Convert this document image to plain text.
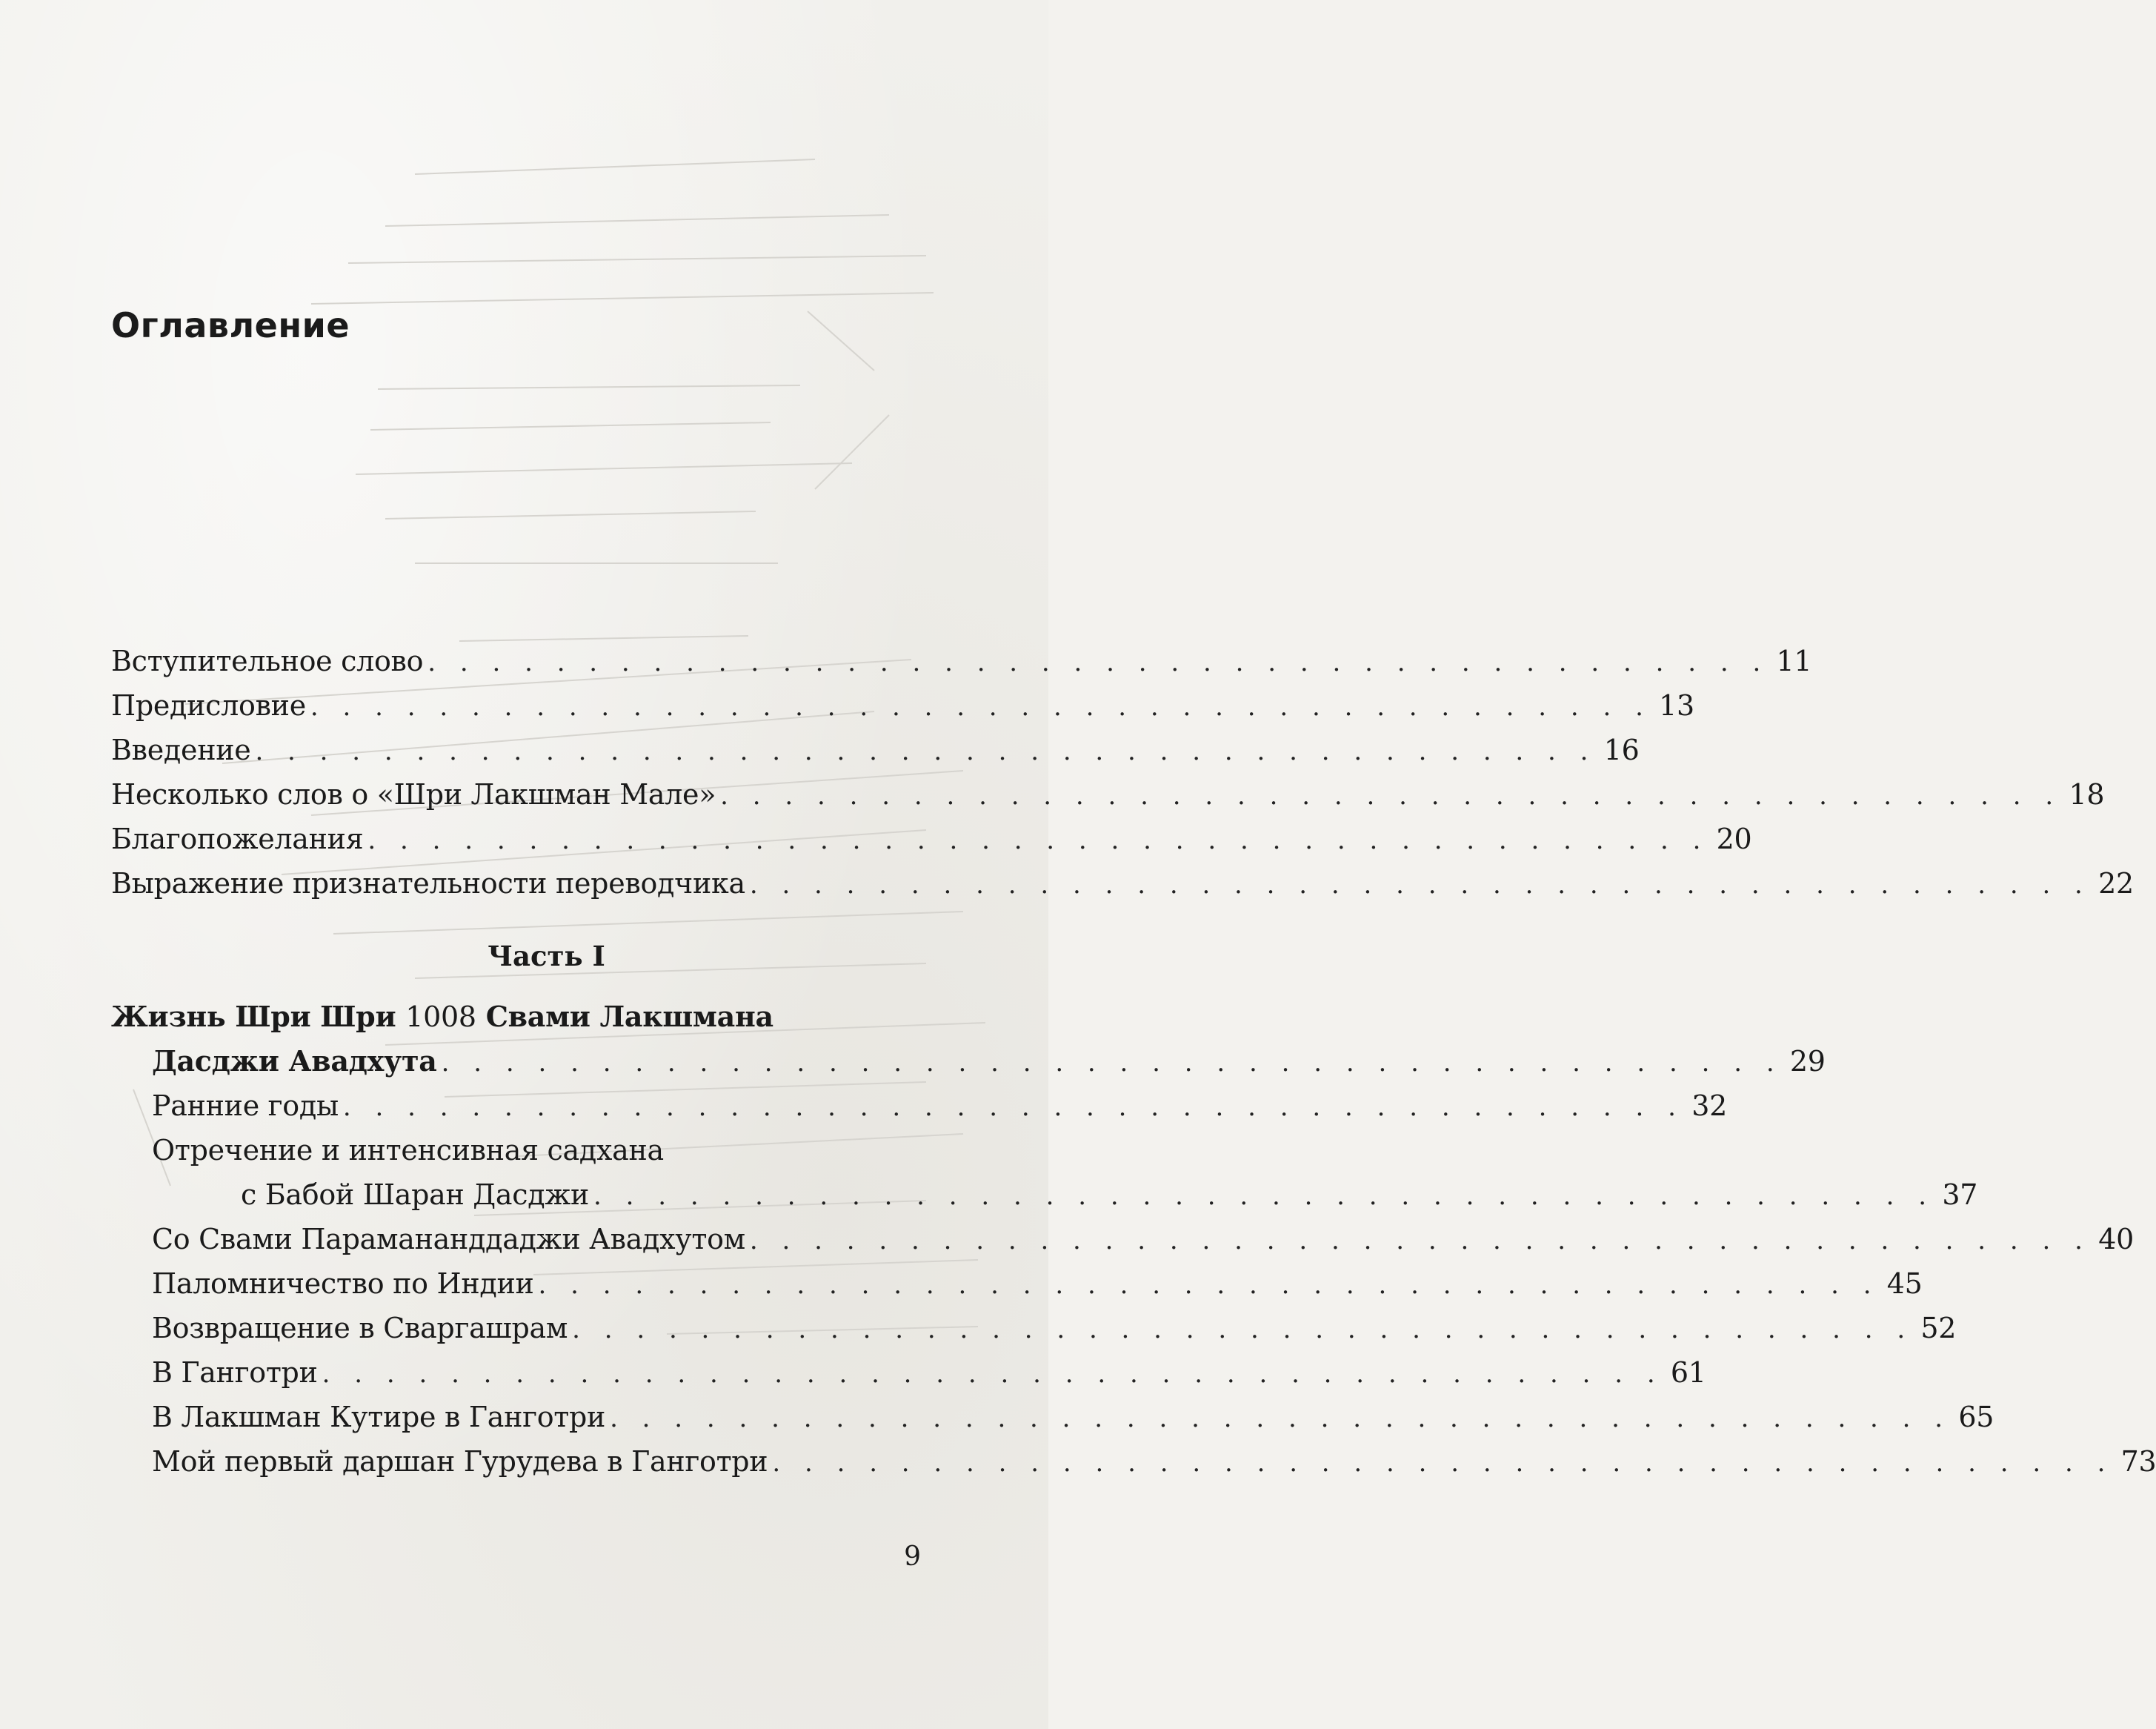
Оглавление
Вступительное слово . . . . . . . . . . . . . . . . . . . . . . . . . . . . . . . . . . . . . . . . . . 11
Предисловие . . . . . . . . . . . . . . . . . . . . . . . . . . . . . . . . . . . . . . . . . . 13
Введение . . . . . . . . . . . . . . . . . . . . . . . . . . . . . . . . . . . . . . . . . . 16
Несколько слов о «Шри Лакшман Мале» . . . . . . . . . . . . . . . . . . . . . . . . . . . . . . . . . . . . . . . . . . 18
Благопожелания . . . . . . . . . . . . . . . . . . . . . . . . . . . . . . . . . . . . . . . . . . 20
Выражение признательности переводчика . . . . . . . . . . . . . . . . . . . . . . . . . . . . . . . . . . . . . . . . . . 22
Часть I
Жизнь Шри Шри 1008 Свами Лакшмана
Дасджи Авадхута . . . . . . . . . . . . . . . . . . . . . . . . . . . . . . . . . . . . . . . . . . 29
Ранние годы . . . . . . . . . . . . . . . . . . . . . . . . . . . . . . . . . . . . . . . . . . 32
Отречение и интенсивная садхана
с Бабой Шаран Дасджи . . . . . . . . . . . . . . . . . . . . . . . . . . . . . . . . . . . . . . . . . . 37
Со Свами Парамананддаджи Авадхутом . . . . . . . . . . . . . . . . . . . . . . . . . . . . . . . . . . . . . . . . . . 40
Паломничество по Индии . . . . . . . . . . . . . . . . . . . . . . . . . . . . . . . . . . . . . . . . . . 45
Возвращение в Сваргашрам . . . . . . . . . . . . . . . . . . . . . . . . . . . . . . . . . . . . . . . . . . 52
В Ганготри . . . . . . . . . . . . . . . . . . . . . . . . . . . . . . . . . . . . . . . . . . 61
В Лакшман Кутире в Ганготри . . . . . . . . . . . . . . . . . . . . . . . . . . . . . . . . . . . . . . . . . . 65
Мой первый даршан Гурудева в Ганготри . . . . . . . . . . . . . . . . . . . . . . . . . . . . . . . . . . . . . . . . . . 73
9
